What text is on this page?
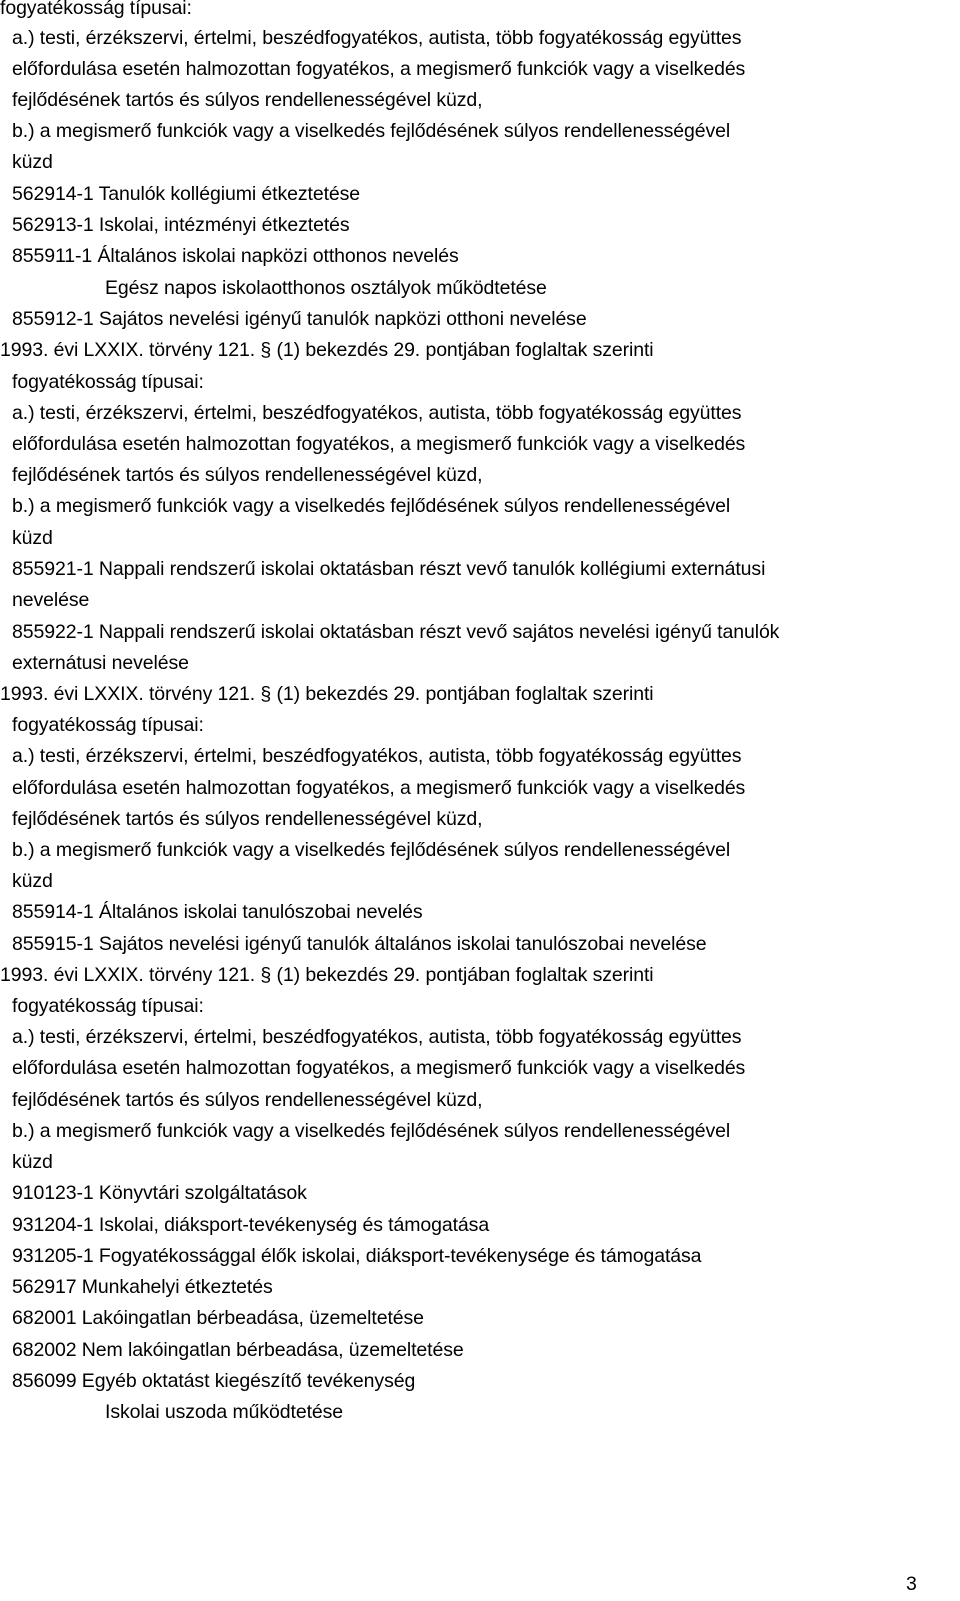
fogyatékosság típusai:
a.) testi, érzékszervi, értelmi, beszédfogyatékos, autista, több fogyatékosság együttes
előfordulása esetén halmozottan fogyatékos, a megismerő funkciók vagy a viselkedés
fejlődésének tartós és súlyos rendellenességével küzd,
b.) a megismerő funkciók vagy a viselkedés fejlődésének súlyos rendellenességével
küzd
562914-1 Tanulók kollégiumi étkeztetése
562913-1 Iskolai, intézményi étkeztetés
855911-1 Általános iskolai napközi otthonos nevelés
Egész napos iskolaotthonos osztályok működtetése
855912-1 Sajátos nevelési igényű tanulók napközi otthoni nevelése
1993. évi LXXIX. törvény 121. § (1) bekezdés 29. pontjában foglaltak szerinti
fogyatékosság típusai:
a.) testi, érzékszervi, értelmi, beszédfogyatékos, autista, több fogyatékosság együttes
előfordulása esetén halmozottan fogyatékos, a megismerő funkciók vagy a viselkedés
fejlődésének tartós és súlyos rendellenességével küzd,
b.) a megismerő funkciók vagy a viselkedés fejlődésének súlyos rendellenességével
küzd
855921-1 Nappali rendszerű iskolai oktatásban részt vevő tanulók kollégiumi externátusi
nevelése
855922-1 Nappali rendszerű iskolai oktatásban részt vevő sajátos nevelési igényű tanulók
externátusi nevelése
1993. évi LXXIX. törvény 121. § (1) bekezdés 29. pontjában foglaltak szerinti
fogyatékosság típusai:
a.) testi, érzékszervi, értelmi, beszédfogyatékos, autista, több fogyatékosság együttes
előfordulása esetén halmozottan fogyatékos, a megismerő funkciók vagy a viselkedés
fejlődésének tartós és súlyos rendellenességével küzd,
b.) a megismerő funkciók vagy a viselkedés fejlődésének súlyos rendellenességével
küzd
855914-1 Általános iskolai tanulószobai nevelés
855915-1 Sajátos nevelési igényű tanulók általános iskolai tanulószobai nevelése
1993. évi LXXIX. törvény 121. § (1) bekezdés 29. pontjában foglaltak szerinti
fogyatékosság típusai:
a.) testi, érzékszervi, értelmi, beszédfogyatékos, autista, több fogyatékosság együttes
előfordulása esetén halmozottan fogyatékos, a megismerő funkciók vagy a viselkedés
fejlődésének tartós és súlyos rendellenességével küzd,
b.) a megismerő funkciók vagy a viselkedés fejlődésének súlyos rendellenességével
küzd
910123-1 Könyvtári szolgáltatások
931204-1 Iskolai, diáksport-tevékenység és támogatása
931205-1 Fogyatékossággal élők iskolai, diáksport-tevékenysége és támogatása
562917 Munkahelyi étkeztetés
682001 Lakóingatlan bérbeadása, üzemeltetése
682002 Nem lakóingatlan bérbeadása, üzemeltetése
856099 Egyéb oktatást kiegészítő tevékenység
Iskolai uszoda működtetése
3
